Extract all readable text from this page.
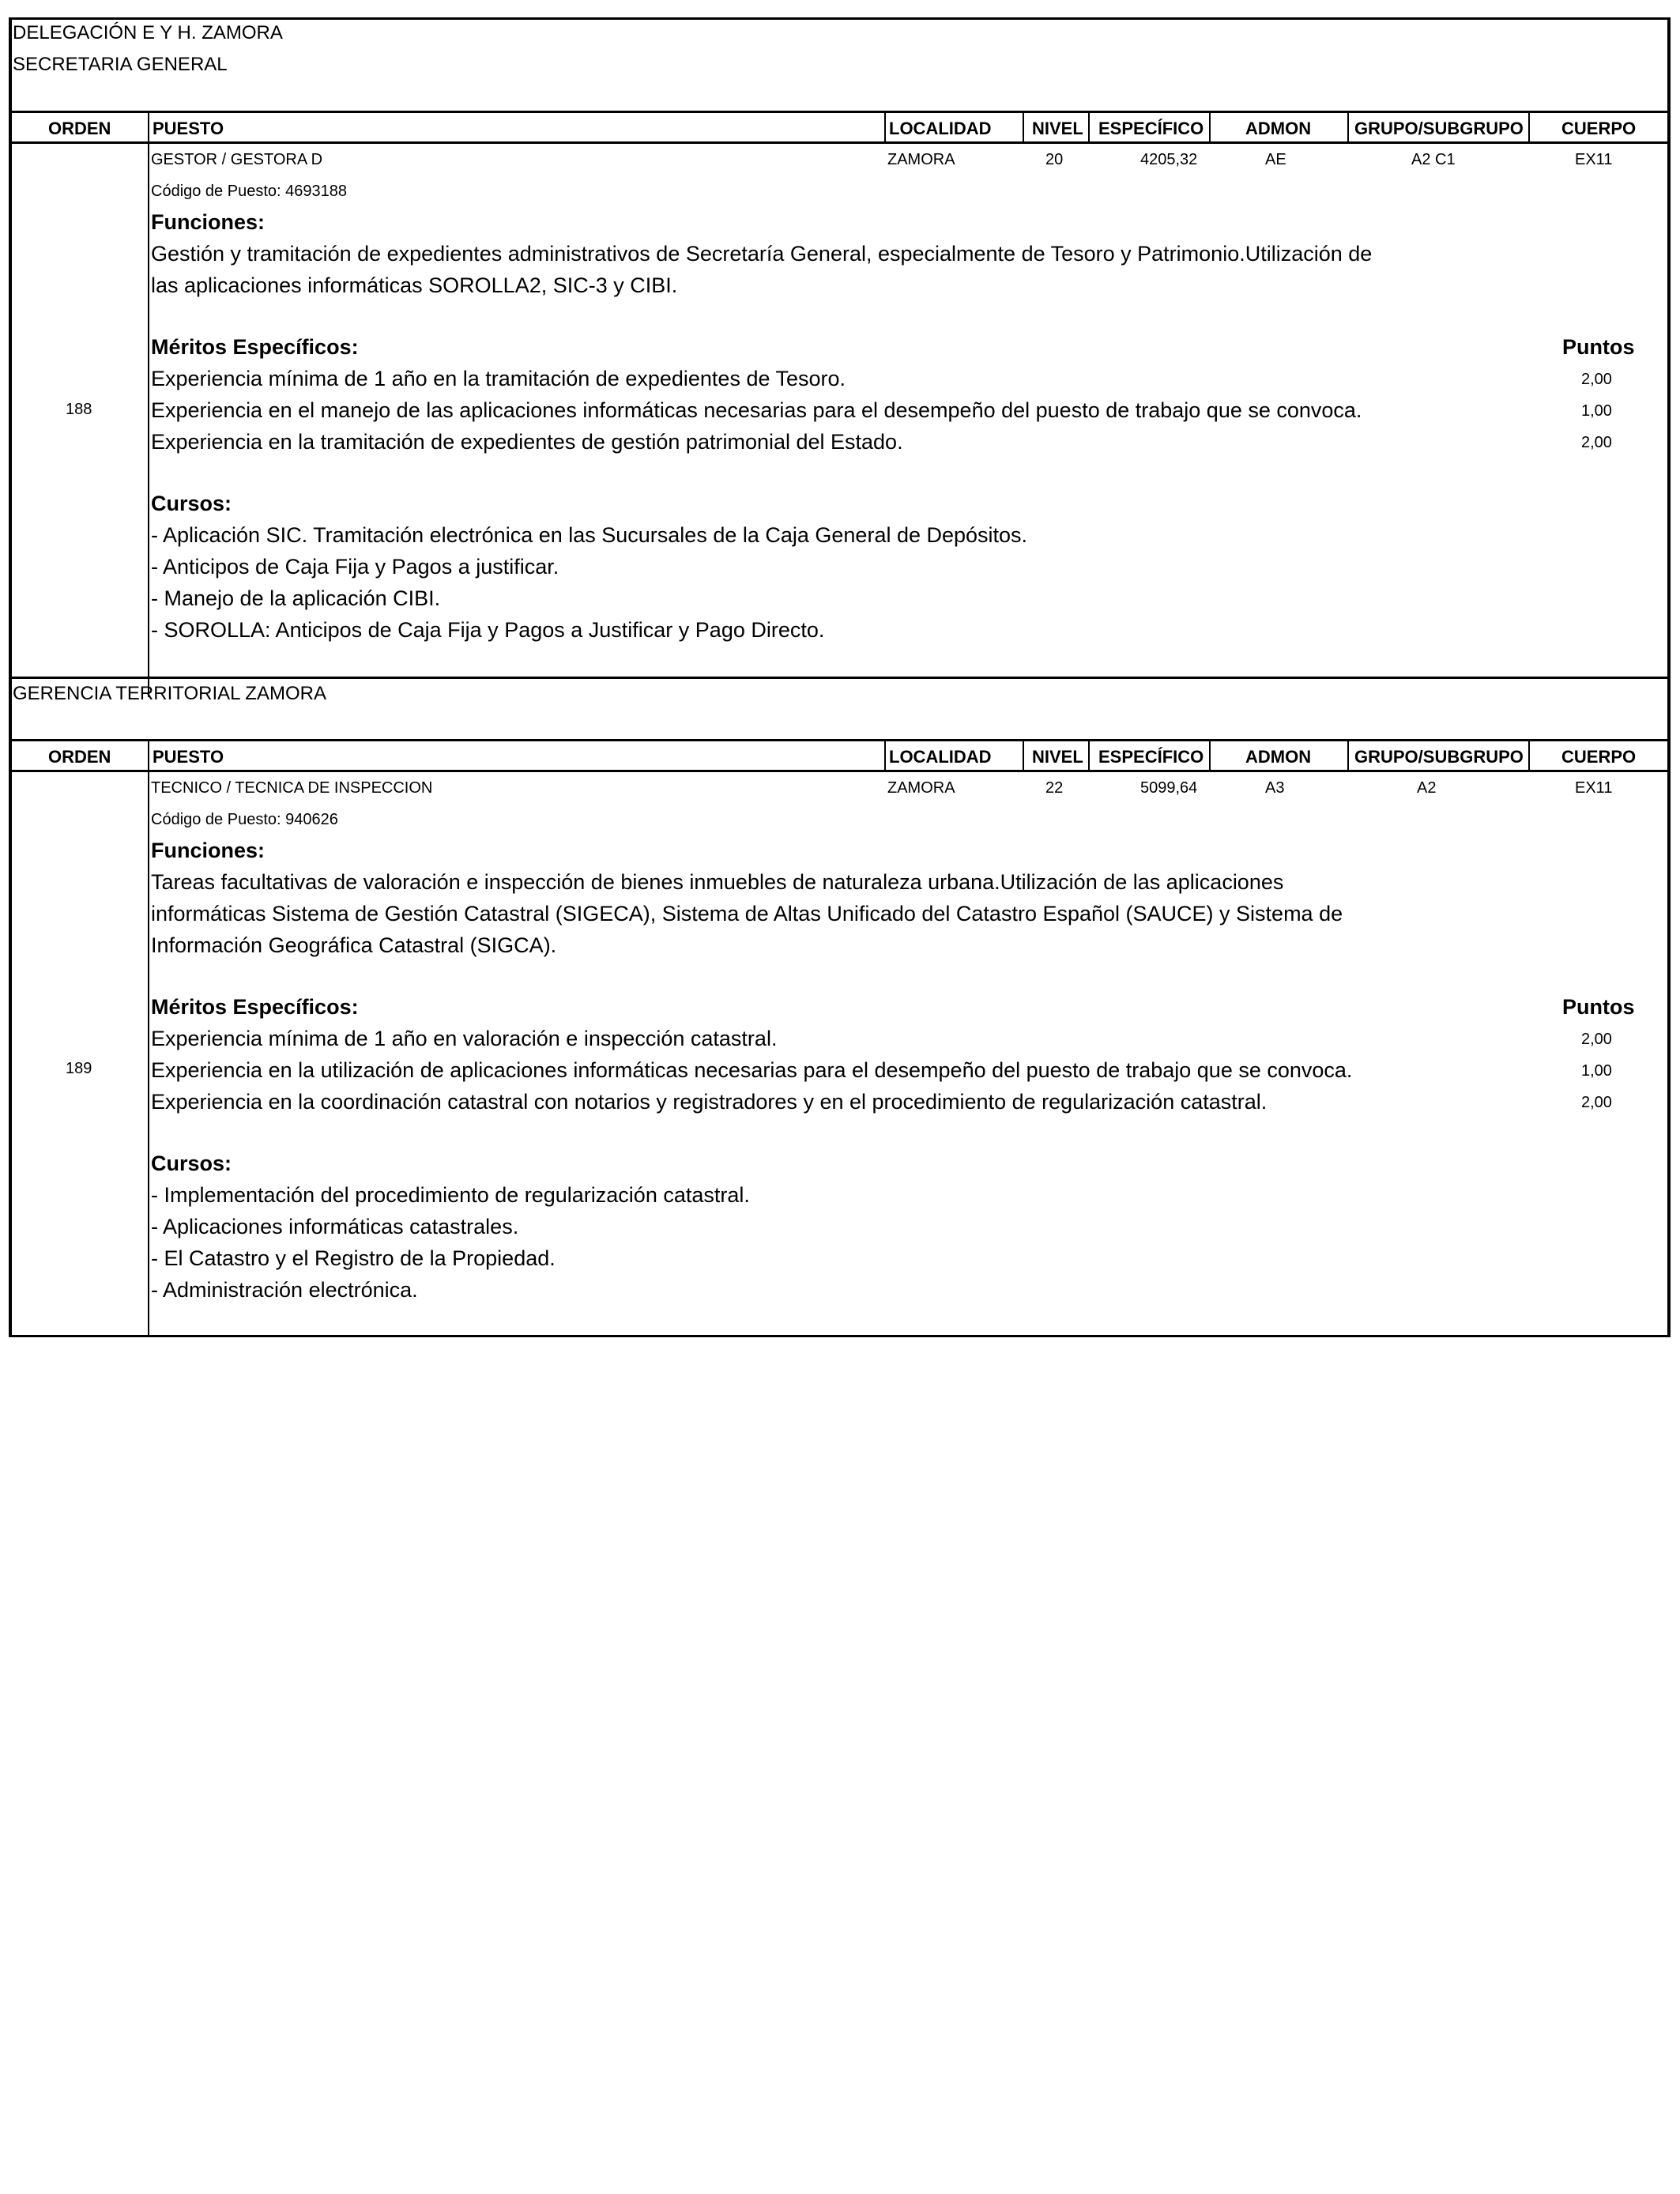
DELEGACIÓN E Y H. ZAMORA
SECRETARIA GENERAL
ORDEN PUESTO	LOCALIDAD NIVEL ESPECÍFICO ADMON GRUPO/SUBGRUPO CUERPO
188
GESTOR / GESTORA D	ZAMORA	20	4205,32	AE	A2 C1	EX11
Código de Puesto: 4693188
Funciones:
Gestión y tramitación de expedientes administrativos de Secretaría General, especialmente de Tesoro y Patrimonio.Utilización de
las aplicaciones informáticas SOROLLA2, SIC-3 y CIBI.
Méritos Específicos:	Puntos
Experiencia mínima de 1 año en la tramitación de expedientes de Tesoro.	2,00
Experiencia en el manejo de las aplicaciones informáticas necesarias para el desempeño del puesto de trabajo que se convoca.	1,00
Experiencia en la tramitación de expedientes de gestión patrimonial del Estado.	2,00
Cursos:
- Aplicación SIC. Tramitación electrónica en las Sucursales de la Caja General de Depósitos.
- Anticipos de Caja Fija y Pagos a justificar.
- Manejo de la aplicación CIBI.
- SOROLLA: Anticipos de Caja Fija y Pagos a Justificar y Pago Directo.
GERENCIA TERRITORIAL ZAMORA
ORDEN PUESTO	LOCALIDAD NIVEL ESPECÍFICO ADMON GRUPO/SUBGRUPO CUERPO
189
TECNICO / TECNICA DE INSPECCION	ZAMORA	22	5099,64	A3	A2	EX11
Código de Puesto: 940626
Funciones:
Tareas facultativas de valoración e inspección de bienes inmuebles de naturaleza urbana.Utilización de las aplicaciones
informáticas Sistema de Gestión Catastral (SIGECA), Sistema de Altas Unificado del Catastro Español (SAUCE) y Sistema de
Información Geográfica Catastral (SIGCA).
Méritos Específicos:	Puntos
Experiencia mínima de 1 año en valoración e inspección catastral.	2,00
Experiencia en la utilización de aplicaciones informáticas necesarias para el desempeño del puesto de trabajo que se convoca.	1,00
Experiencia en la coordinación catastral con notarios y registradores y en el procedimiento de regularización catastral.	2,00
Cursos:
- Implementación del procedimiento de regularización catastral.
- Aplicaciones informáticas catastrales.
- El Catastro y el Registro de la Propiedad.
- Administración electrónica.
